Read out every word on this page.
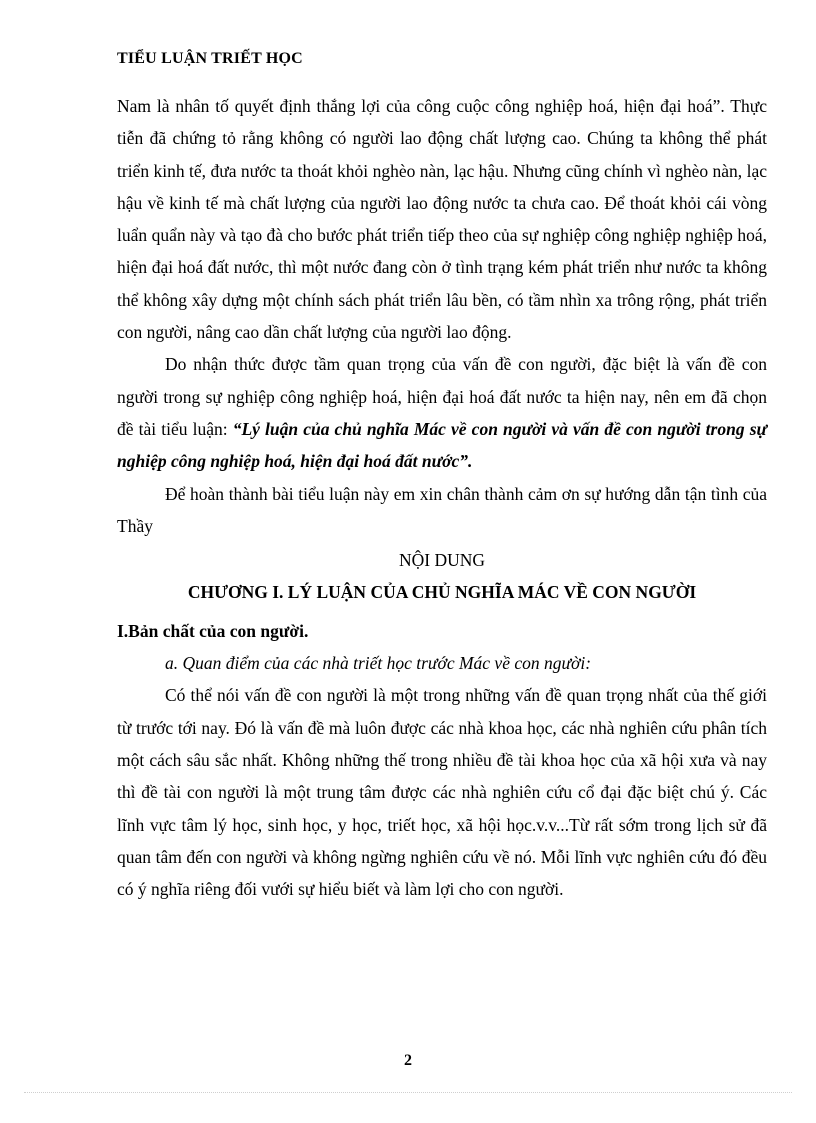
TIỂU LUẬN TRIẾT HỌC

Nam là nhân tố quyết định thắng lợi của công cuộc công nghiệp hoá, hiện đại hoá”. Thực tiễn đã chứng tỏ rằng không có người lao động chất lượng cao. Chúng ta không thể phát triển kinh tế, đưa nước ta thoát khỏi nghèo nàn, lạc hậu. Nhưng cũng chính vì nghèo nàn, lạc hậu về kinh tế mà chất lượng của người lao động nước ta chưa cao. Để thoát khỏi cái vòng luẩn quẩn này và tạo đà cho bước phát triển tiếp theo của sự nghiệp công nghiệp nghiệp hoá, hiện đại hoá đất nước, thì một nước đang còn ở tình trạng kém phát triển như nước ta không thể không xây dựng một chính sách phát triển lâu bền, có tầm nhìn xa trông rộng, phát triển con người, nâng cao dần chất lượng của người lao động.

Do nhận thức được tầm quan trọng của vấn đề con người, đặc biệt là vấn đề con người trong sự nghiệp công nghiệp hoá, hiện đại hoá đất nước ta hiện nay, nên em đã chọn đề tài tiểu luận: “Lý luận của chủ nghĩa Mác về con người và vấn đề con người trong sự nghiệp công nghiệp hoá, hiện đại hoá đất nước”.

Để hoàn thành bài tiểu luận này em xin chân thành cảm ơn sự hướng dẫn tận tình của Thầy

NỘI DUNG

CHƯƠNG I. LÝ LUẬN CỦA CHỦ NGHĨA MÁC VỀ CON NGƯỜI

I.Bản chất của con người.

a. Quan điểm của các nhà triết học trước Mác về con người:

Có thể nói vấn đề con người là một trong những vấn đề quan trọng nhất của thế giới từ trước tới nay. Đó là vấn đề mà luôn được các nhà khoa học, các nhà nghiên cứu phân tích một cách sâu sắc nhất. Không những thế trong nhiều đề tài khoa học của xã hội xưa và nay thì đề tài con người là một trung tâm được các nhà nghiên cứu cổ đại đặc biệt chú ý. Các lĩnh vực tâm lý học, sinh học, y học, triết học, xã hội học.v.v...Từ rất sớm trong lịch sử đã quan tâm đến con người và không ngừng nghiên cứu về nó. Mỗi lĩnh vực nghiên cứu đó đều có ý nghĩa riêng đối vưới sự hiểu biết và làm lợi cho con người.

2
